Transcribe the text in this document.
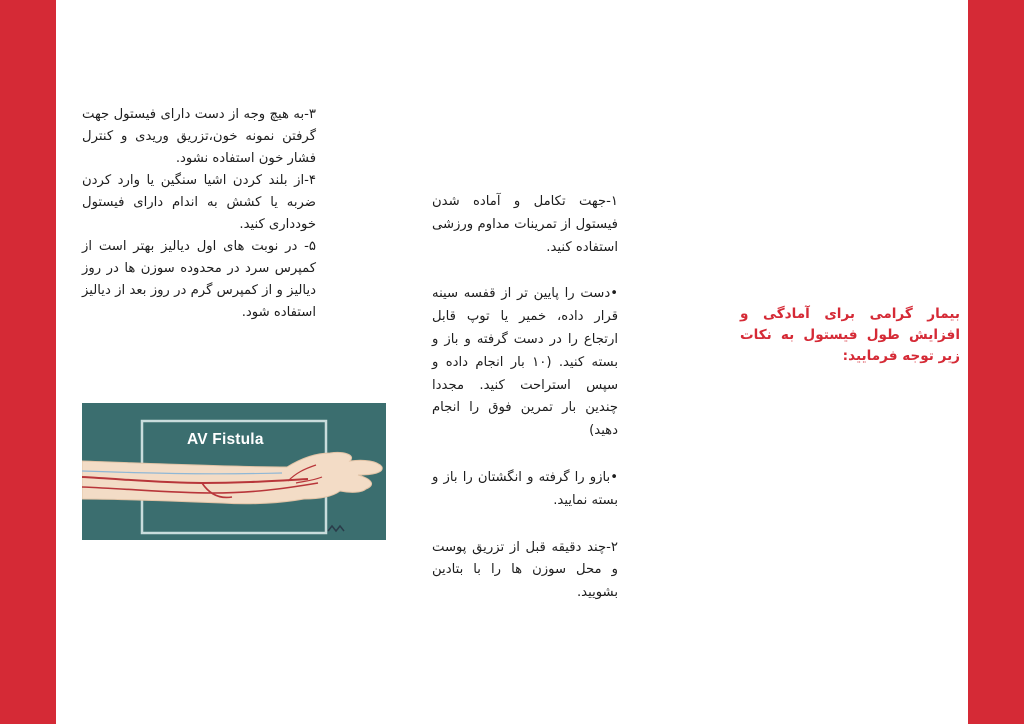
۳-به هیچ وجه از دست دارای فیستول جهت گرفتن نمونه خون،تزریق وریدی و کنترل فشار خون استفاده نشود.

۴-از بلند کردن اشیا سنگین یا وارد کردن ضربه یا کشش به اندام دارای فیستول خودداری کنید.

۵- در نوبت های اول دیالیز بهتر است از کمپرس سرد در محدوده سوزن ها در روز دیالیز و از کمپرس گرم در روز بعد از دیالیز استفاده شود.

AV Fistula

۱-جهت تکامل و آماده شدن فیستول از تمرینات مداوم ورزشی استفاده کنید.

•دست را پایین تر از قفسه سینه قرار داده، خمیر یا توپ قابل ارتجاع را در دست گرفته و باز و بسته کنید. (۱۰ بار انجام داده و سپس استراحت کنید. مجددا چندین بار تمرین فوق را انجام دهید)

•بازو را گرفته و انگشتان را باز و بسته نمایید.

۲-چند دقیقه قبل از تزریق پوست و محل سوزن ها را با بتادین بشویید.

بیمار گرامی برای آمادگی و افزایش طول فیستول به نکات زیر توجه فرمایید:
